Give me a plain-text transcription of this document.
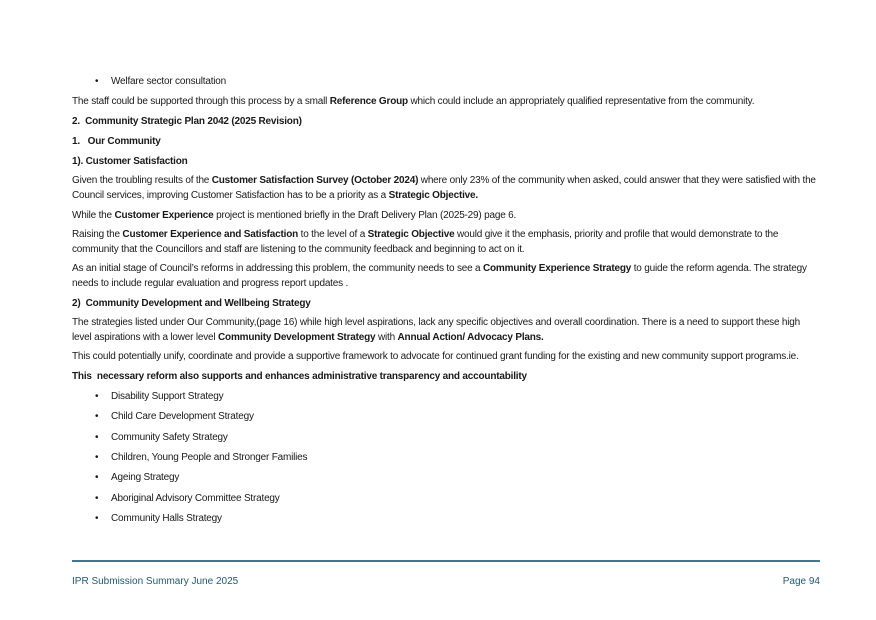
• Welfare sector consultation

The staff could be supported through this process by a small Reference Group which could include an appropriately qualified representative from the community.

2.  Community Strategic Plan 2042 (2025 Revision)

1.   Our Community

1). Customer Satisfaction

Given the troubling results of the Customer Satisfaction Survey (October 2024) where only 23% of the community when asked, could answer that they were satisfied with the Council services, improving Customer Satisfaction has to be a priority as a Strategic Objective.

While the Customer Experience project is mentioned briefly in the Draft Delivery Plan (2025-29) page 6.

Raising the Customer Experience and Satisfaction to the level of a Strategic Objective would give it the emphasis, priority and profile that would demonstrate to the community that the Councillors and staff are listening to the community feedback and beginning to act on it.

As an initial stage of Council’s reforms in addressing this problem, the community needs to see a Community Experience Strategy to guide the reform agenda. The strategy needs to include regular evaluation and progress report updates .

2)  Community Development and Wellbeing Strategy

The strategies listed under Our Community,(page 16) while high level aspirations, lack any specific objectives and overall coordination. There is a need to support these high level aspirations with a lower level Community Development Strategy with Annual Action/ Advocacy Plans.

This could potentially unify, coordinate and provide a supportive framework to advocate for continued grant funding for the existing and new community support programs.ie.

This  necessary reform also supports and enhances administrative transparency and accountability

• Disability Support Strategy
• Child Care Development Strategy
• Community Safety Strategy
• Children, Young People and Stronger Families
• Ageing Strategy
• Aboriginal Advisory Committee Strategy
• Community Halls Strategy
IPR Submission Summary June 2025	Page 94
